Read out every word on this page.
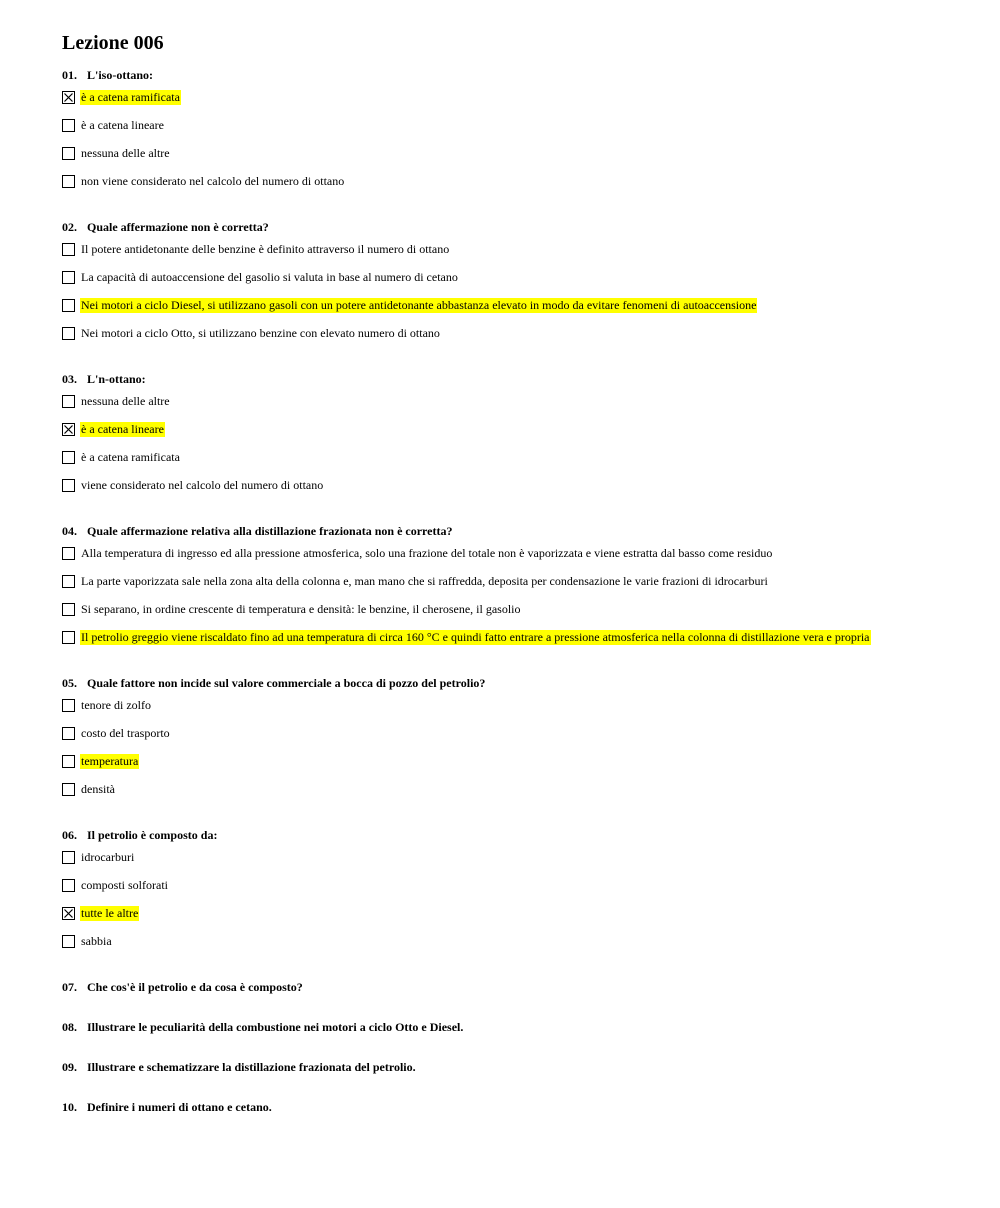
Lezione 006
01. L'iso-ottano:
è a catena ramificata
è a catena lineare
nessuna delle altre
non viene considerato nel calcolo del numero di ottano
02. Quale affermazione non è corretta?
Il potere antidetonante delle benzine è definito attraverso il numero di ottano
La capacità di autoaccensione del gasolio si valuta in base al numero di cetano
Nei motori a ciclo Diesel, si utilizzano gasoli con un potere antidetonante abbastanza elevato in modo da evitare fenomeni di autoaccensione
Nei motori a ciclo Otto, si utilizzano benzine con elevato numero di ottano
03. L'n-ottano:
nessuna delle altre
è a catena lineare
è a catena ramificata
viene considerato nel calcolo del numero di ottano
04. Quale affermazione relativa alla distillazione frazionata non è corretta?
Alla temperatura di ingresso ed alla pressione atmosferica, solo una frazione del totale non è vaporizzata e viene estratta dal basso come residuo
La parte vaporizzata sale nella zona alta della colonna e, man mano che si raffredda, deposita per condensazione le varie frazioni di idrocarburi
Si separano, in ordine crescente di temperatura e densità: le benzine, il cherosene, il gasolio
Il petrolio greggio viene riscaldato fino ad una temperatura di circa 160 °C e quindi fatto entrare a pressione atmosferica nella colonna di distillazione vera e propria
05. Quale fattore non incide sul valore commerciale a bocca di pozzo del petrolio?
tenore di zolfo
costo del trasporto
temperatura
densità
06. Il petrolio è composto da:
idrocarburi
composti solforati
tutte le altre
sabbia
07. Che cos'è il petrolio e da cosa è composto?
08. Illustrare le peculiarità della combustione nei motori a ciclo Otto e Diesel.
09. Illustrare e schematizzare la distillazione frazionata del petrolio.
10. Definire i numeri di ottano e cetano.
